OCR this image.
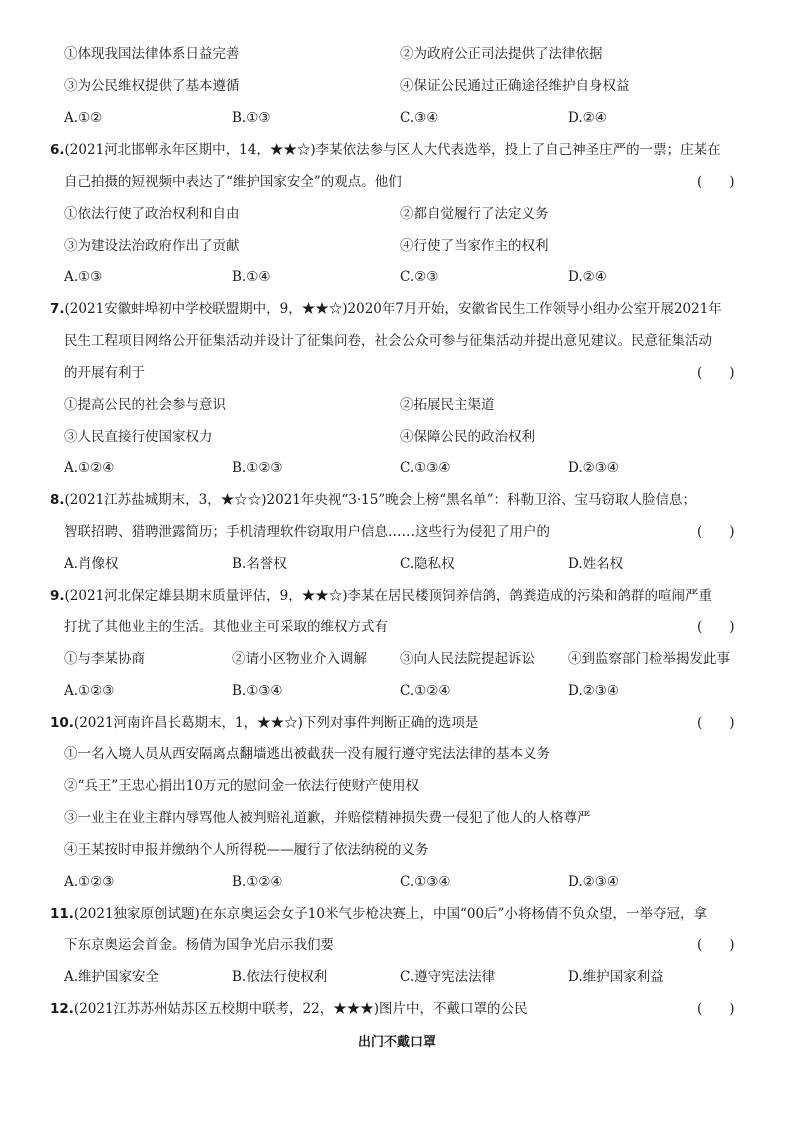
①体现我国法律体系日益完善	②为政府公正司法提供了法律依据
③为公民维权提供了基本遵循	④保证公民通过正确途径维护自身权益
A.①②	B.①③	C.③④	D.②④
6.(2021河北邯郸永年区期中，14，★★☆)李某依法参与区人大代表选举，投上了自己神圣庄严的一票；庄某在
自己拍摄的短视频中表达了“维护国家安全”的观点。他们	(　　)
①依法行使了政治权利和自由	②都自觉履行了法定义务
③为建设法治政府作出了贡献	④行使了当家作主的权利
A.①③	B.①④	C.②③	D.②④
7.(2021安徽蚌埠初中学校联盟期中，9，★★☆)2020年7月开始，安徽省民生工作领导小组办公室开展2021年
民生工程项目网络公开征集活动并设计了征集问卷，社会公众可参与征集活动并提出意见建议。民意征集活动
的开展有利于	(　　)
①提高公民的社会参与意识	②拓展民主渠道
③人民直接行使国家权力	④保障公民的政治权利
A.①②④	B.①②③	C.①③④	D.②③④
8.(2021江苏盐城期末，3，★☆☆)2021年央视“3·15”晚会上榜“黑名单”：科勒卫浴、宝马窃取人脸信息；
智联招聘、猎聘泄露简历；手机清理软件窃取用户信息……这些行为侵犯了用户的	(　　)
A.肖像权	B.名誉权	C.隐私权	D.姓名权
9.(2021河北保定雄县期末质量评估，9，★★☆)李某在居民楼顶饲养信鸽，鸽粪造成的污染和鸽群的喧闹严重
打扰了其他业主的生活。其他业主可采取的维权方式有	(　　)
①与李某协商	②请小区物业介入调解 ③向人民法院提起诉讼 ④到监察部门检举揭发此事
A.①②③	B.①③④	C.①②④	D.②③④
10.(2021河南许昌长葛期末，1，★★☆)下列对事件判断正确的选项是	(　　)
①一名入境人员从西安隔离点翻墙逃出被截获一没有履行遵守宪法法律的基本义务
②“兵王”王忠心捐出10万元的慰问金一依法行使财产使用权
③一业主在业主群内辱骂他人被判赔礼道歉，并赔偿精神损失费一侵犯了他人的人格尊严
④王某按时申报并缴纳个人所得税——履行了依法纳税的义务
A.①②③	B.①②④	C.①③④	D.②③④
11.(2021独家原创试题)在东京奥运会女子10米气步枪决赛上，中国“00后”小将杨倩不负众望，一举夺冠，拿
下东京奥运会首金。杨倩为国争光启示我们要	(　　)
A.维护国家安全	B.依法行使权利	C.遵守宪法法律	D.维护国家利益
12.(2021江苏苏州姑苏区五校期中联考，22，★★★)图片中，不戴口罩的公民	(　　)
出门不戴口罩
